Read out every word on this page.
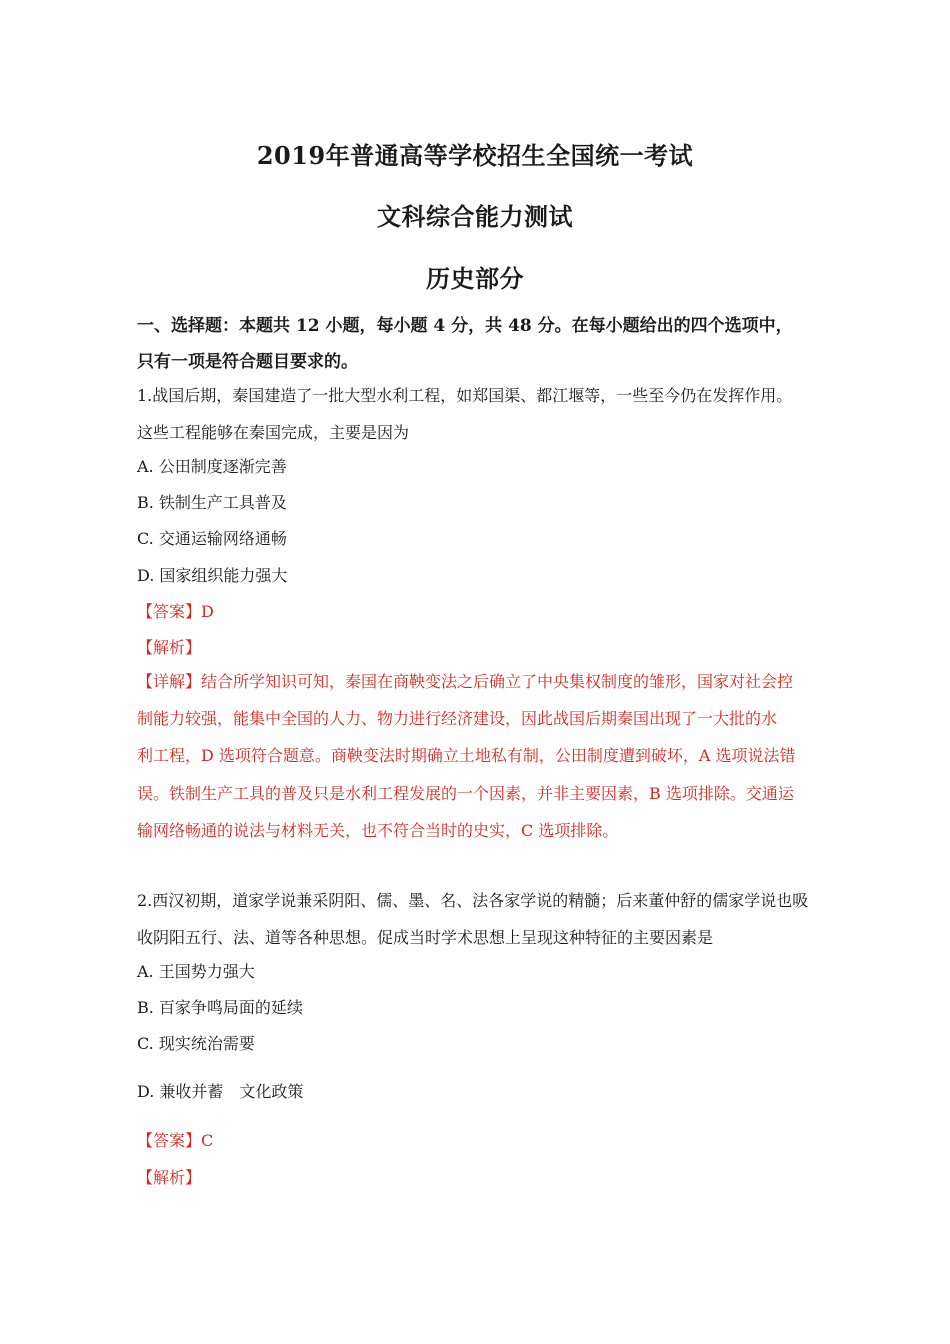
2019年普通高等学校招生全国统一考试
文科综合能力测试
历史部分
一、选择题：本题共 12 小题，每小题 4 分，共 48 分。在每小题给出的四个选项中，
只有一项是符合题目要求的。
1.战国后期，秦国建造了一批大型水利工程，如郑国渠、都江堰等，一些至今仍在发挥作用。
这些工程能够在秦国完成，主要是因为
A. 公田制度逐渐完善
B. 铁制生产工具普及
C. 交通运输网络通畅
D. 国家组织能力强大
【答案】D
【解析】
【详解】结合所学知识可知，秦国在商鞅变法之后确立了中央集权制度的雏形，国家对社会控
制能力较强，能集中全国的人力、物力进行经济建设，因此战国后期秦国出现了一大批的水
利工程，D 选项符合题意。商鞅变法时期确立土地私有制，公田制度遭到破坏，A 选项说法错
误。铁制生产工具的普及只是水利工程发展的一个因素，并非主要因素，B 选项排除。交通运
输网络畅通的说法与材料无关，也不符合当时的史实，C 选项排除。
2.西汉初期，道家学说兼采阴阳、儒、墨、名、法各家学说的精髓；后来董仲舒的儒家学说也吸
收阴阳五行、法、道等各种思想。促成当时学术思想上呈现这种特征的主要因素是
A. 王国势力强大
B. 百家争鸣局面的延续
C. 现实统治需要
D. 兼收并蓄　文化政策
【答案】C
【解析】
